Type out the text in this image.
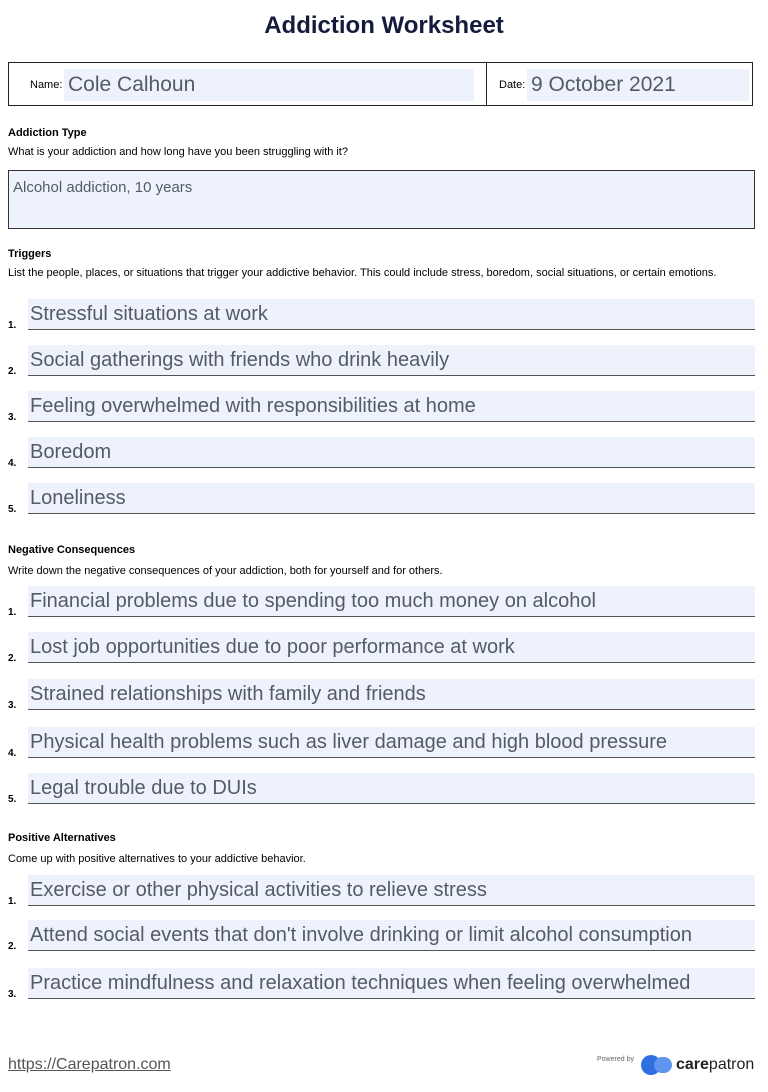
Addiction Worksheet
Name: Cole Calhoun	Date: 9 October 2021
Addiction Type
What is your addiction and how long have you been struggling with it?
Alcohol addiction, 10 years
Triggers
List the people, places, or situations that trigger your addictive behavior. This could include stress, boredom, social situations, or certain emotions.
1.
Stressful situations at work
2.
Social gatherings with friends who drink heavily
3.
Feeling overwhelmed with responsibilities at home
4.
Boredom
5.
Loneliness
Negative Consequences
Write down the negative consequences of your addiction, both for yourself and for others.
1.
Financial problems due to spending too much money on alcohol
2.
Lost job opportunities due to poor performance at work
3.
Strained relationships with family and friends
4.
Physical health problems such as liver damage and high blood pressure
5.
Legal trouble due to DUIs
Positive Alternatives
Come up with positive alternatives to your addictive behavior.
1.
Exercise or other physical activities to relieve stress
2.
Attend social events that don't involve drinking or limit alcohol consumption
3.
Practice mindfulness and relaxation techniques when feeling overwhelmed
https://Carepatron.com	Powered by	carepatron
